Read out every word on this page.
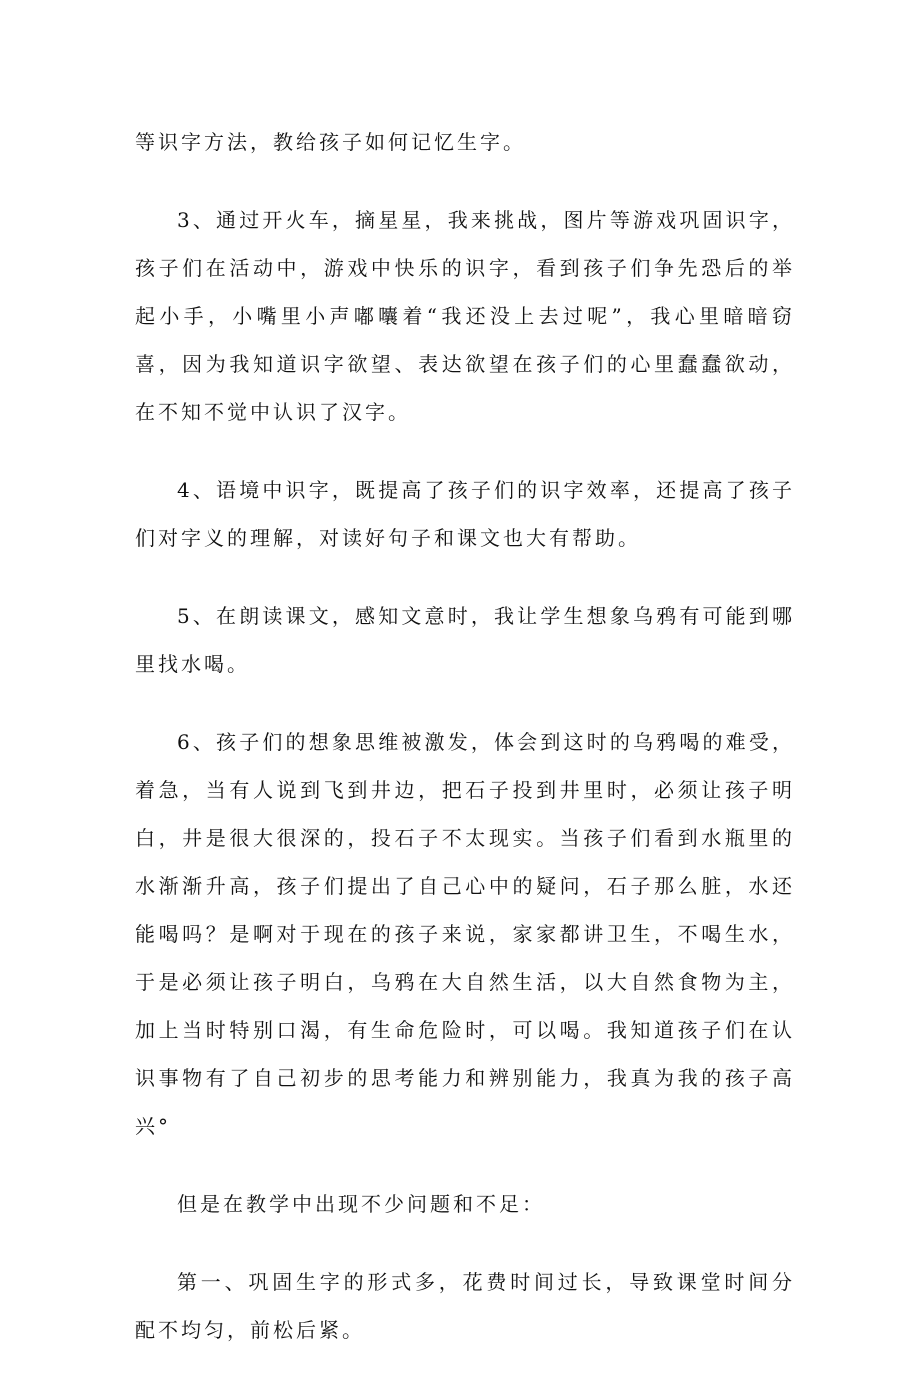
等识字方法，教给孩子如何记忆生字。

3、通过开火车，摘星星，我来挑战，图片等游戏巩固识字，孩子们在活动中，游戏中快乐的识字，看到孩子们争先恐后的举起小手，小嘴里小声嘟囔着“我还没上去过呢”，我心里暗暗窃喜，因为我知道识字欲望、表达欲望在孩子们的心里蠢蠢欲动，在不知不觉中认识了汉字。

4、语境中识字，既提高了孩子们的识字效率，还提高了孩子们对字义的理解，对读好句子和课文也大有帮助。

5、在朗读课文，感知文意时，我让学生想象乌鸦有可能到哪里找水喝。

6、孩子们的想象思维被激发，体会到这时的乌鸦喝的难受，着急，当有人说到飞到井边，把石子投到井里时，必须让孩子明白，井是很大很深的，投石子不太现实。当孩子们看到水瓶里的水渐渐升高，孩子们提出了自己心中的疑问，石子那么脏，水还能喝吗？是啊对于现在的孩子来说，家家都讲卫生，不喝生水，于是必须让孩子明白，乌鸦在大自然生活，以大自然食物为主，加上当时特别口渴，有生命危险时，可以喝。我知道孩子们在认识事物有了自己初步的思考能力和辨别能力，我真为我的孩子高兴°

但是在教学中出现不少问题和不足：

第一、巩固生字的形式多，花费时间过长，导致课堂时间分配不均匀，前松后紧。
